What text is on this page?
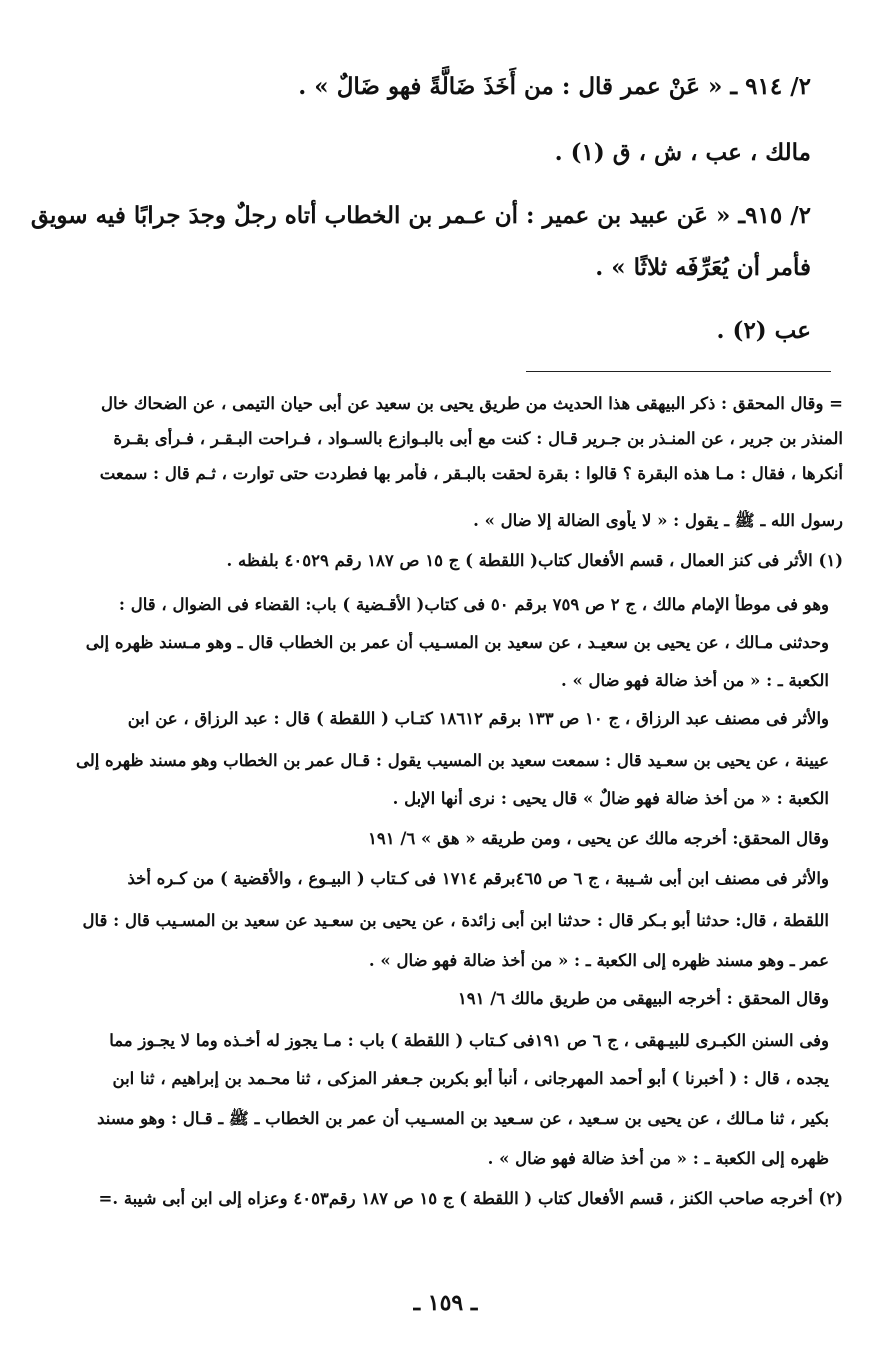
٢/ ٩١٤ ـ « عَنْ عمر قال : من أَخَذَ ضَالَّةً فهو ضَالٌ » .
مالك ، عب ، ش ، ق (١) .
٢/ ٩١٥ـ « عَن عبيد بن عمير : أن عـمر بن الخطاب أتاه رجلٌ وجدَ جرابًا فيه سويق
فأمر أن يُعَرِّفَه ثلاثًا » .
عب (٢) .
= وقال المحقق : ذكر البيهقى هذا الحديث من طريق يحيى بن سعيد عن أبى حيان التيمى ، عن الضحاك خال
المنذر بن جرير ، عن المنـذر بن جـرير قـال : كنت مع أبى بالبـوازع بالسـواد ، فـراحت البـقـر ، فـرأى بقـرة
أنكرها ، فقال : مـا هذه البقرة ؟ قالوا : بقرة لحقت بالبـقر ، فأمر بها فطردت حتى توارت ، ثـم قال : سمعت
رسول الله ـ ﷺ ـ يقول : « لا يأوى الضالة إلا ضال » .
(١) الأثر فى كنز العمال ، قسم الأفعال كتاب( اللقطة ) ج ١٥ ص ١٨٧ رقم ٤٠٥٢٩ بلفظه .
وهو فى موطأ الإمام مالك ، ج ٢ ص ٧٥٩ برقم ٥٠ فى كتاب( الأقـضية ) باب: القضاء فى الضوال ، قال :
وحدثنى مـالك ، عن يحيى بن سعيـد ، عن سعيد بن المسـيب أن عمر بن الخطاب قال ـ وهو مـسند ظهره إلى
الكعبة ـ : « من أخذ ضالة فهو ضال » .
والأثر فى مصنف عبد الرزاق ، ج ١٠ ص ١٣٣ برقم ١٨٦١٢ كتـاب ( اللقطة ) قال : عبد الرزاق ، عن ابن
عيينة ، عن يحيى بن سعـيد قال : سمعت سعيد بن المسيب يقول : قـال عمر بن الخطاب وهو مسند ظهره إلى
الكعبة : « من أخذ ضالة فهو ضالٌ » قال يحيى : نرى أنها الإبل .
وقال المحقق: أخرجه مالك عن يحيى ، ومن طريقه « هق » ٦/ ١٩١
والأثر فى مصنف ابن أبى شـيبة ، ج ٦ ص ٤٦٥برقم ١٧١٤ فى كـتاب ( البيـوع ، والأقضية ) من كـره أخذ
اللقطة ، قال: حدثنا أبو بـكر قال : حدثنا ابن أبى زائدة ، عن يحيى بن سعـيد عن سعيد بن المسـيب قال : قال
عمر ـ وهو مسند ظهره إلى الكعبة ـ : « من أخذ ضالة فهو ضال » .
وقال المحقق : أخرجه البيهقى من طريق مالك ٦/ ١٩١
وفى السنن الكبـرى للبيـهقى ، ج ٦ ص ١٩١فى كـتاب ( اللقطة ) باب : مـا يجوز له أخـذه وما لا يجـوز مما
يجده ، قال : ( أخبرنا ) أبو أحمد المهرجانى ، أنبأ أبو بكربن جـعفر المزكى ، ثنا محـمد بن إبراهيم ، ثنا ابن
بكير ، ثنا مـالك ، عن يحيى بن سـعيد ، عن سـعيد بن المسـيب أن عمر بن الخطاب ـ ﷺ ـ قـال : وهو مسند
ظهره إلى الكعبة ـ : « من أخذ ضالة فهو ضال » .
(٢) أخرجه صاحب الكنز ، قسم الأفعال كتاب ( اللقطة ) ج ١٥ ص ١٨٧ رقم٤٠٥٣ وعزاه إلى ابن أبى شيبة .=
ـ ١٥٩ ـ
